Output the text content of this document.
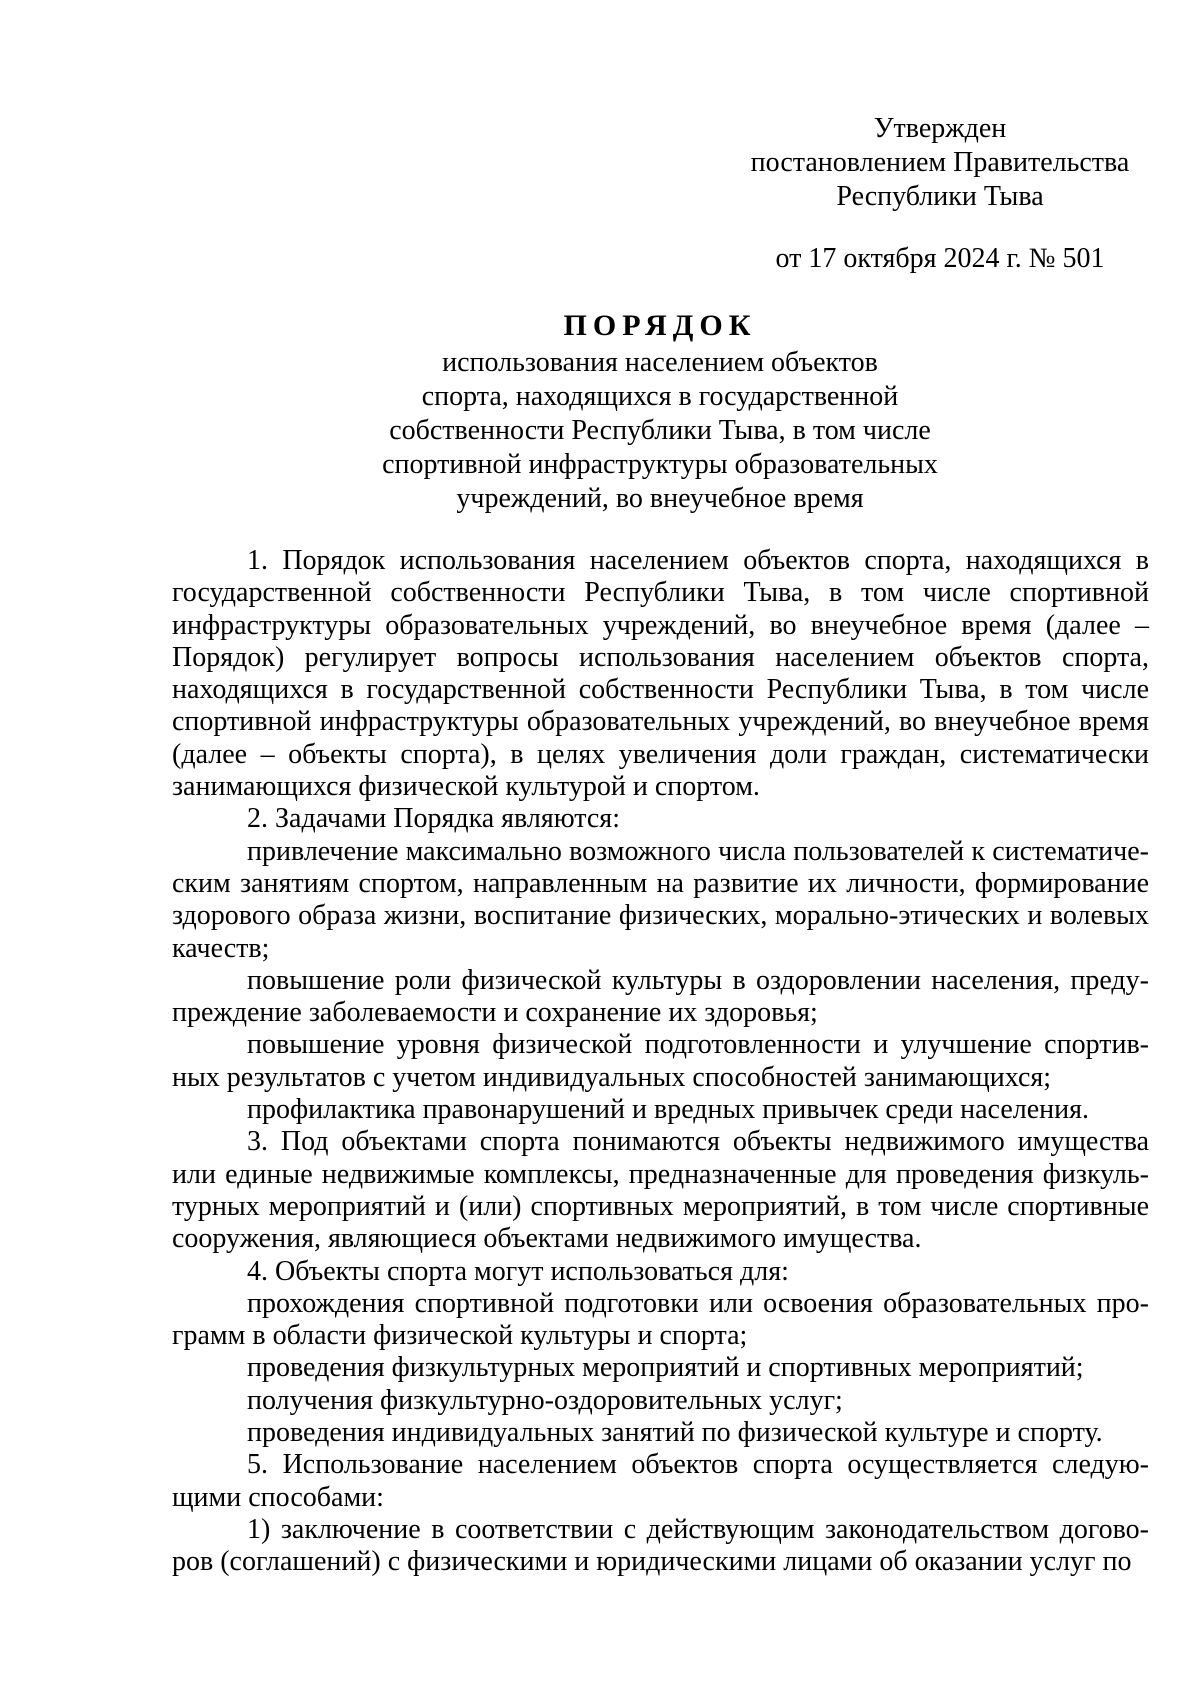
Утвержден
постановлением Правительства
Республики Тыва
от 17 октября 2024 г. № 501
ПОРЯДОК
использования населением объектов
спорта, находящихся в государственной
собственности Республики Тыва, в том числе
спортивной инфраструктуры образовательных
учреждений, во внеучебное время

1. Порядок использования населением объектов спорта, находящихся в государственной собственности Республики Тыва, в том числе спортивной инфраструктуры образовательных учреждений, во внеучебное время (далее – Порядок) регулирует вопросы использования населением объектов спорта, находящихся в государственной собственности Республики Тыва, в том числе спортивной инфраструктуры образовательных учреждений, во внеучебное время (далее – объекты спорта), в целях увеличения доли граждан, систематически занимающихся физической культурой и спортом.

2. Задачами Порядка являются:

привлечение максимально возможного числа пользователей к систематическим занятиям спортом, направленным на развитие их личности, формирование здорового образа жизни, воспитание физических, морально-этических и волевых качеств;

повышение роли физической культуры в оздоровлении населения, предупреждение заболеваемости и сохранение их здоровья;

повышение уровня физической подготовленности и улучшение спортивных результатов с учетом индивидуальных способностей занимающихся;

профилактика правонарушений и вредных привычек среди населения.

3. Под объектами спорта понимаются объекты недвижимого имущества или единые недвижимые комплексы, предназначенные для проведения физкультурных мероприятий и (или) спортивных мероприятий, в том числе спортивные сооружения, являющиеся объектами недвижимого имущества.

4. Объекты спорта могут использоваться для:

прохождения спортивной подготовки или освоения образовательных программ в области физической культуры и спорта;

проведения физкультурных мероприятий и спортивных мероприятий;

получения физкультурно-оздоровительных услуг;

проведения индивидуальных занятий по физической культуре и спорту.

5. Использование населением объектов спорта осуществляется следующими способами:

1) заключение в соответствии с действующим законодательством договоров (соглашений) с физическими и юридическими лицами об оказании услуг по
